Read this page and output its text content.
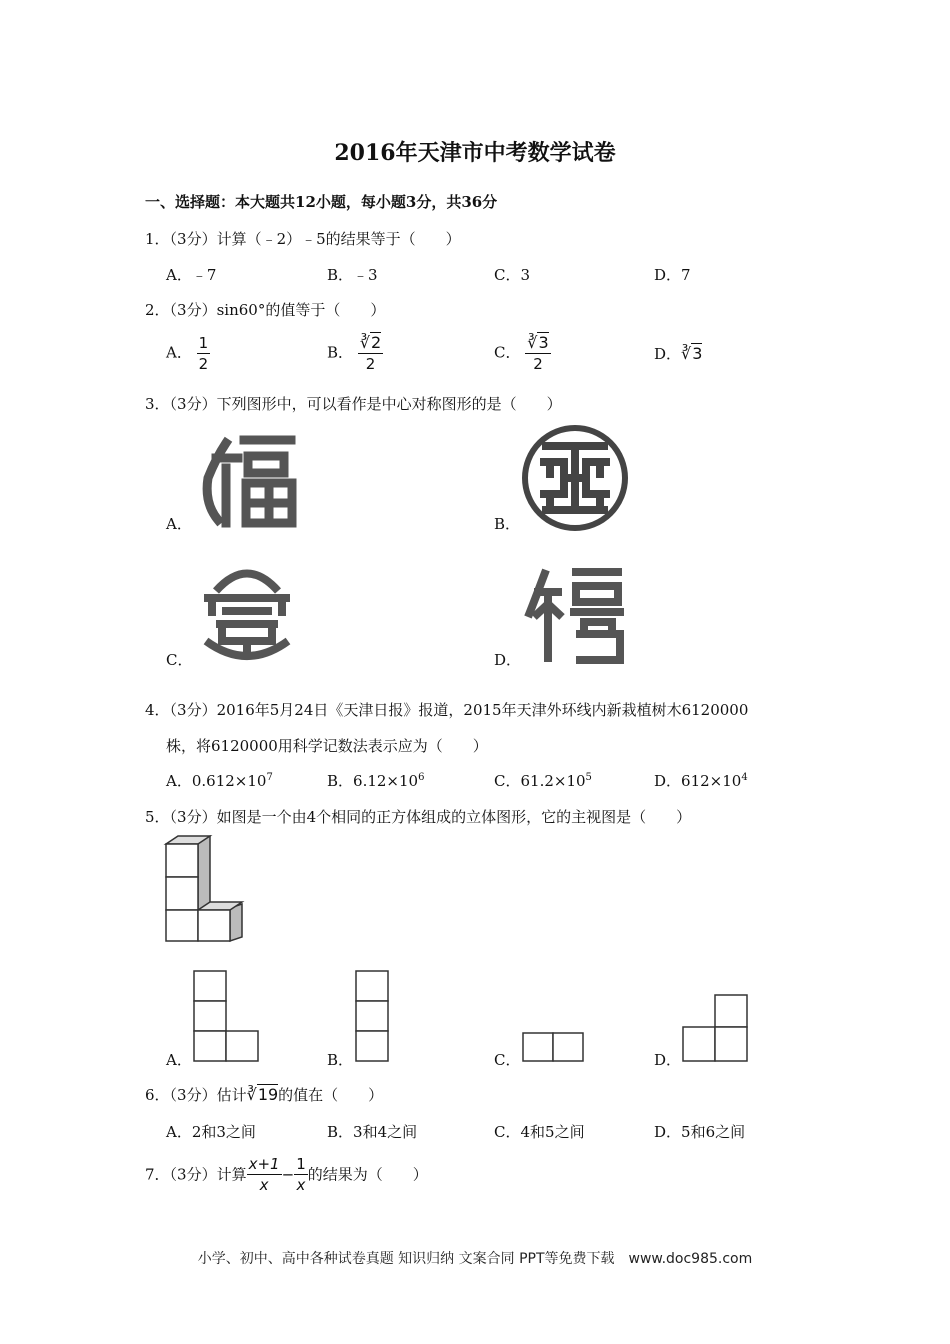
2016年天津市中考数学试卷
一、选择题：本大题共12小题，每小题3分，共36分
1．（3分）计算（﹣2）﹣5的结果等于（　　）
A．﹣7	B．﹣3	C．3	D．7
2．（3分）sin60°的值等于（　　）
A． $\frac{1}{2}$	B． $\frac{∛2}{2}$	C． $\frac{∛3}{2}$	D．∛3
3．（3分）下列图形中，可以看作是中心对称图形的是（　　）
A．	B．
C．	D．
4．（3分）2016年5月24日《天津日报》报道，2015年天津外环线内新栽植树木6120000
株，将6120000用科学记数法表示应为（　　）
A．$0.612\times 10^7$	B．$6.12\times 10^6$	C．$61.2\times 10^5$	D．$612\times 10^4$
5．（3分）如图是一个由4个相同的正方体组成的立体图形，它的主视图是（　　）
A．	B．	C．	D．
6．（3分）估计∛19的值在（　　）
A．2和3之间	B．3和4之间	C．4和5之间	D．5和6之间
7．（3分）计算 $\frac{x+1}{x} - \frac{1}{x}$ 的结果为（　　）
小学、初中、高中各种试卷真题 知识归纳 文案合同 PPT等免费下载　www.doc985.com
